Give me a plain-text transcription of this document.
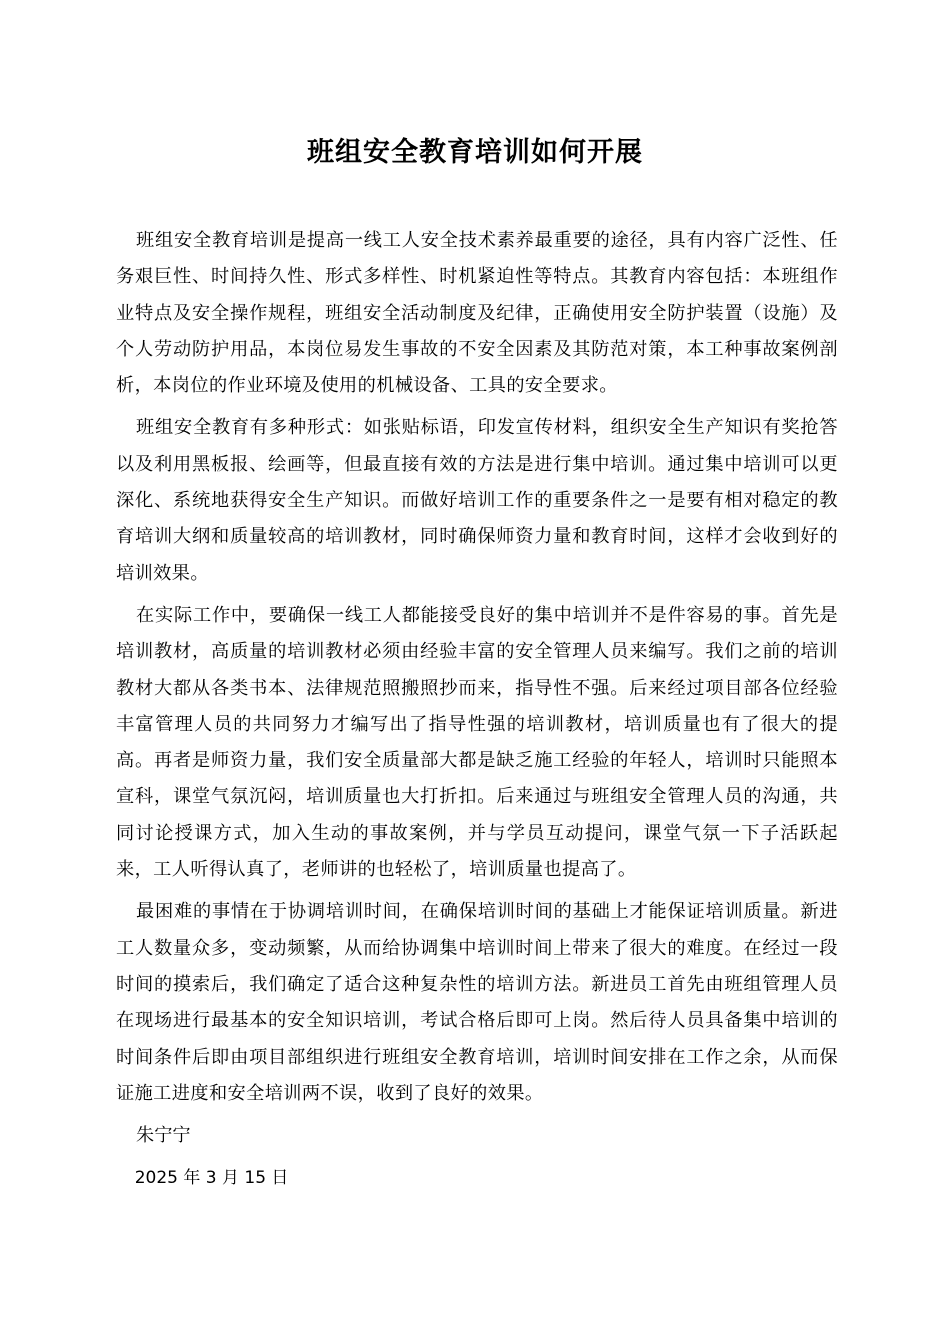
班组安全教育培训如何开展

班组安全教育培训是提高一线工人安全技术素养最重要的途径，具有内容广泛性、任务艰巨性、时间持久性、形式多样性、时机紧迫性等特点。其教育内容包括：本班组作业特点及安全操作规程，班组安全活动制度及纪律，正确使用安全防护装置（设施）及个人劳动防护用品，本岗位易发生事故的不安全因素及其防范对策，本工种事故案例剖析，本岗位的作业环境及使用的机械设备、工具的安全要求。

班组安全教育有多种形式：如张贴标语，印发宣传材料，组织安全生产知识有奖抢答以及利用黑板报、绘画等，但最直接有效的方法是进行集中培训。通过集中培训可以更深化、系统地获得安全生产知识。而做好培训工作的重要条件之一是要有相对稳定的教育培训大纲和质量较高的培训教材，同时确保师资力量和教育时间，这样才会收到好的培训效果。

在实际工作中，要确保一线工人都能接受良好的集中培训并不是件容易的事。首先是培训教材，高质量的培训教材必须由经验丰富的安全管理人员来编写。我们之前的培训教材大都从各类书本、法律规范照搬照抄而来，指导性不强。后来经过项目部各位经验丰富管理人员的共同努力才编写出了指导性强的培训教材，培训质量也有了很大的提高。再者是师资力量，我们安全质量部大都是缺乏施工经验的年轻人，培训时只能照本宣科，课堂气氛沉闷，培训质量也大打折扣。后来通过与班组安全管理人员的沟通，共同讨论授课方式，加入生动的事故案例，并与学员互动提问，课堂气氛一下子活跃起来，工人听得认真了，老师讲的也轻松了，培训质量也提高了。

最困难的事情在于协调培训时间，在确保培训时间的基础上才能保证培训质量。新进工人数量众多，变动频繁，从而给协调集中培训时间上带来了很大的难度。在经过一段时间的摸索后，我们确定了适合这种复杂性的培训方法。新进员工首先由班组管理人员在现场进行最基本的安全知识培训，考试合格后即可上岗。然后待人员具备集中培训的时间条件后即由项目部组织进行班组安全教育培训，培训时间安排在工作之余，从而保证施工进度和安全培训两不误，收到了良好的效果。

朱宁宁

2025 年 3 月 15 日
